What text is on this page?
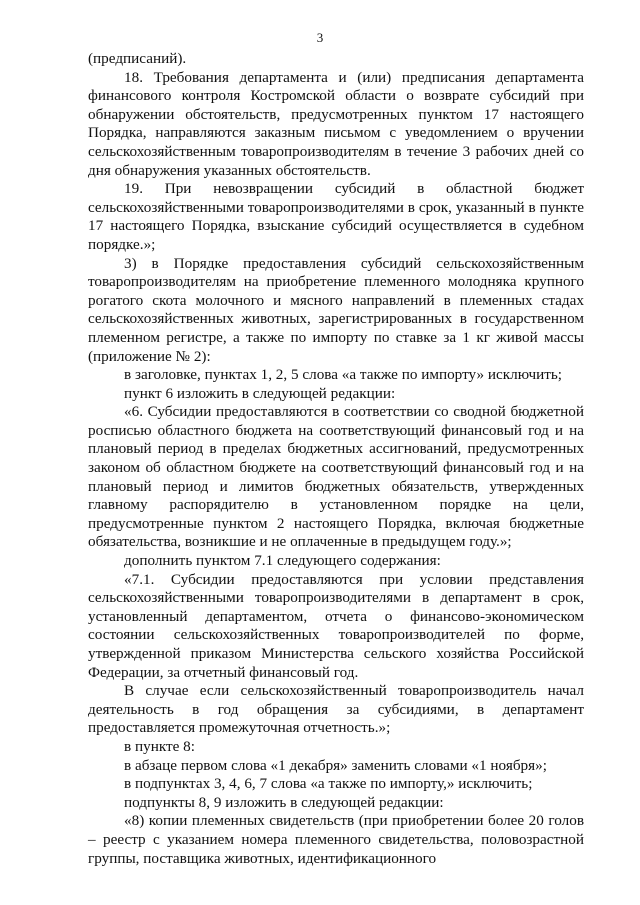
3

(предписаний).

18. Требования департамента и (или) предписания департамента финансового контроля Костромской области о возврате субсидий при обнаружении обстоятельств, предусмотренных пунктом 17 настоящего Порядка, направляются заказным письмом с уведомлением о вручении сельскохозяйственным товаропроизводителям в течение 3 рабочих дней со дня обнаружения указанных обстоятельств.

19. При невозвращении субсидий в областной бюджет сельскохозяйственными товаропроизводителями в срок, указанный в пункте 17 настоящего Порядка, взыскание субсидий осуществляется в судебном порядке.»;

3) в Порядке предоставления субсидий сельскохозяйственным товаропроизводителям на приобретение племенного молодняка крупного рогатого скота молочного и мясного направлений в племенных стадах сельскохозяйственных животных, зарегистрированных в государственном племенном регистре, а также по импорту по ставке за 1 кг живой массы (приложение № 2):

в заголовке, пунктах 1, 2, 5 слова «а также по импорту» исключить;

пункт 6 изложить в следующей редакции:

«6. Субсидии предоставляются в соответствии со сводной бюджетной росписью областного бюджета на соответствующий финансовый год и на плановый период в пределах бюджетных ассигнований, предусмотренных законом об областном бюджете на соответствующий финансовый год и на плановый период и лимитов бюджетных обязательств, утвержденных главному распорядителю в установленном порядке на цели, предусмотренные пунктом 2 настоящего Порядка, включая бюджетные обязательства, возникшие и не оплаченные в предыдущем году.»;

дополнить пунктом 7.1 следующего содержания:

«7.1. Субсидии предоставляются при условии представления сельскохозяйственными товаропроизводителями в департамент в срок, установленный департаментом, отчета о финансово-экономическом состоянии сельскохозяйственных товаропроизводителей по форме, утвержденной приказом Министерства сельского хозяйства Российской Федерации, за отчетный финансовый год.

В случае если сельскохозяйственный товаропроизводитель начал деятельность в год обращения за субсидиями, в департамент предоставляется промежуточная отчетность.»;

в пункте 8:

в абзаце первом слова «1 декабря» заменить словами «1 ноября»;

в подпунктах 3, 4, 6, 7 слова «а также по импорту,» исключить;

подпункты 8, 9 изложить в следующей редакции:

«8) копии племенных свидетельств (при приобретении более 20 голов – реестр с указанием номера племенного свидетельства, половозрастной группы, поставщика животных, идентификационного
